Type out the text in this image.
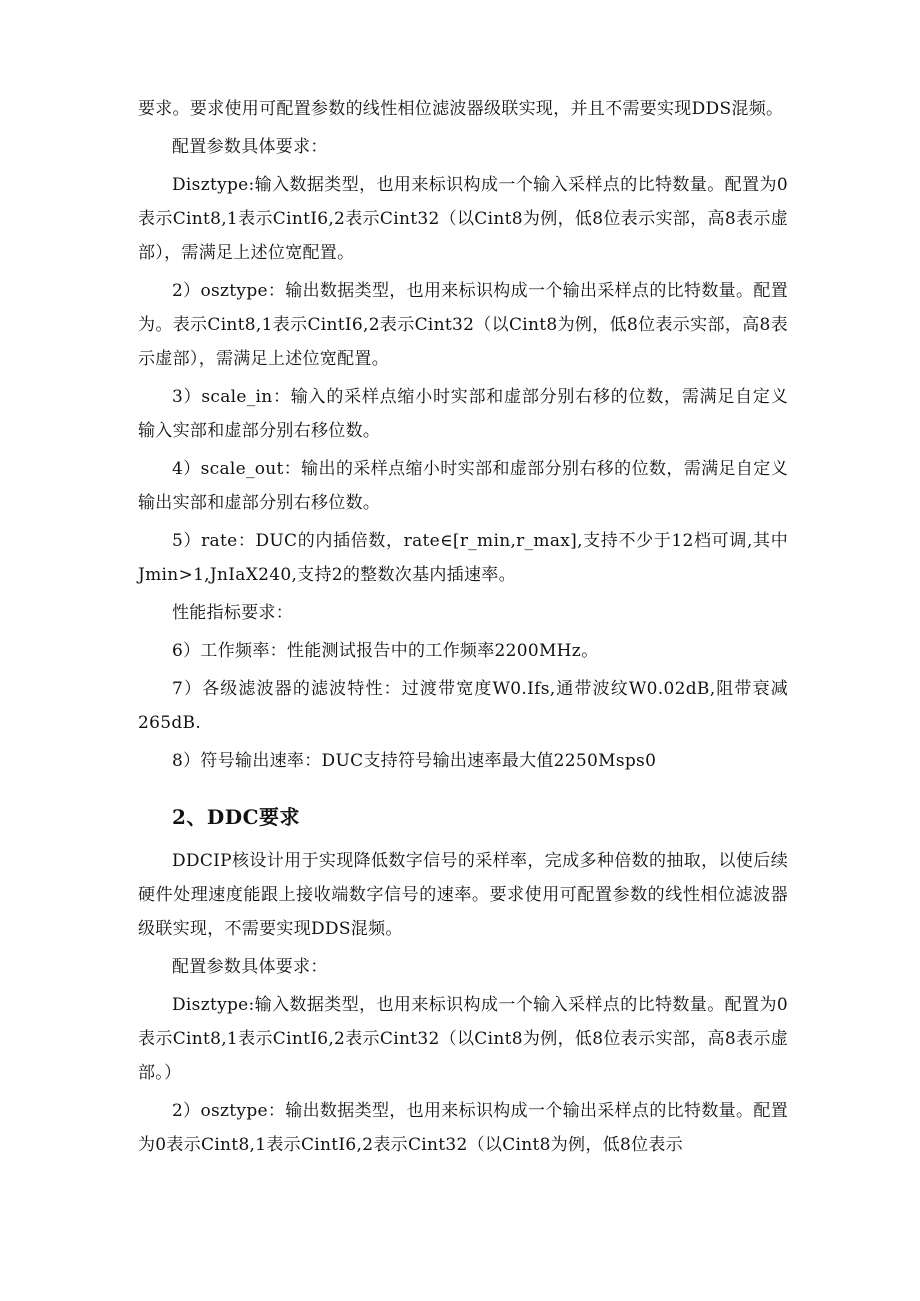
要求。要求使用可配置参数的线性相位滤波器级联实现，并且不需要实现DDS混频。

配置参数具体要求：

Disztype:输入数据类型，也用来标识构成一个输入采样点的比特数量。配置为0表示Cint8,1表示CintI6,2表示Cint32（以Cint8为例，低8位表示实部，高8表示虚部），需满足上述位宽配置。

2）osztype：输出数据类型，也用来标识构成一个输出采样点的比特数量。配置为。表示Cint8,1表示CintI6,2表示Cint32（以Cint8为例，低8位表示实部，高8表示虚部），需满足上述位宽配置。

3）scale_in：输入的采样点缩小时实部和虚部分别右移的位数，需满足自定义输入实部和虚部分别右移位数。

4）scale_out：输出的采样点缩小时实部和虚部分别右移的位数，需满足自定义输出实部和虚部分别右移位数。

5）rate：DUC的内插倍数，rate∈[r_min,r_max],支持不少于12档可调,其中Jmin>1,JnIaX240,支持2的整数次基内插速率。

性能指标要求：

6）工作频率：性能测试报告中的工作频率2200MHz。

7）各级滤波器的滤波特性：过渡带宽度W0.Ifs,通带波纹W0.02dB,阻带衰减265dB.

8）符号输出速率：DUC支持符号输出速率最大值2250Msps0

2、DDC要求

DDCIP核设计用于实现降低数字信号的采样率，完成多种倍数的抽取，以使后续硬件处理速度能跟上接收端数字信号的速率。要求使用可配置参数的线性相位滤波器级联实现，不需要实现DDS混频。

配置参数具体要求：

Disztype:输入数据类型，也用来标识构成一个输入采样点的比特数量。配置为0表示Cint8,1表示CintI6,2表示Cint32（以Cint8为例，低8位表示实部，高8表示虚部。）

2）osztype：输出数据类型，也用来标识构成一个输出采样点的比特数量。配置为0表示Cint8,1表示CintI6,2表示Cint32（以Cint8为例，低8位表示
